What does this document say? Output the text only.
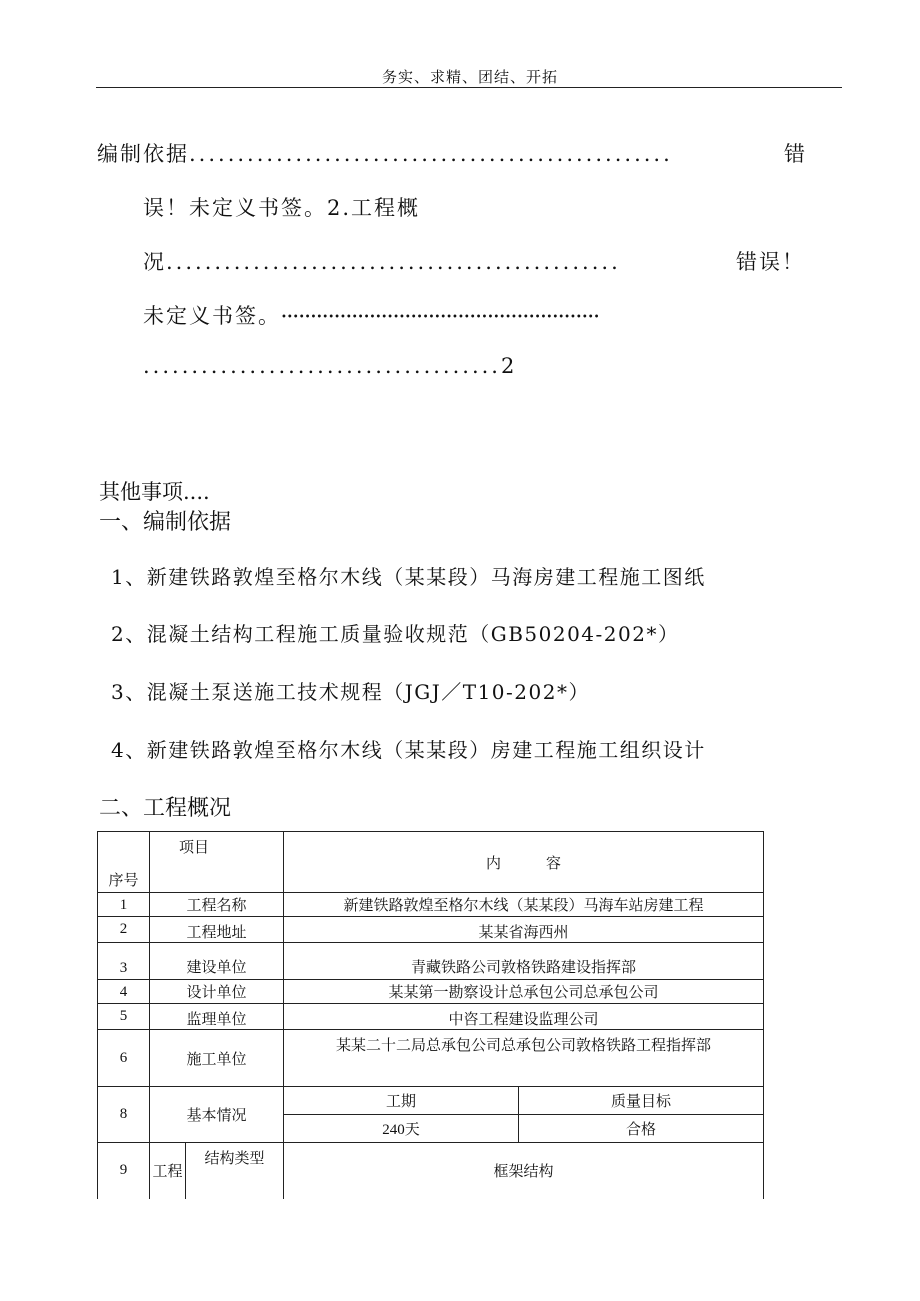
务实、求精、团结、开拓
编制依据..................................................	错
误！未定义书签。2.工程概
况...............................................	错误！
未定义书签。••••••••••••••••••••••••••••••••••••••••••••••••••••••
.....................................2
其他事项....
一、编制依据
1、新建铁路敦煌至格尔木线（某某段）马海房建工程施工图纸
2、混凝土结构工程施工质量验收规范（GB50204-202*）
3、混凝土泵送施工技术规程（JGJ／T10-202*）
4、新建铁路敦煌至格尔木线（某某段）房建工程施工组织设计
二、工程概况
序号	项目		内　　　容	
1	工程名称		新建铁路敦煌至格尔木线（某某段）马海车站房建工程	
2	工程地址		某某省海西州	
3	建设单位		青藏铁路公司敦格铁路建设指挥部	
4	设计单位		某某第一勘察设计总承包公司总承包公司	
5	监理单位		中咨工程建设监理公司	
6	施工单位		某某二十二局总承包公司总承包公司敦格铁路工程指挥部	
8	基本情况		工期	质量目标
			240天	合格
9	工程	结构类型	框架结构	
